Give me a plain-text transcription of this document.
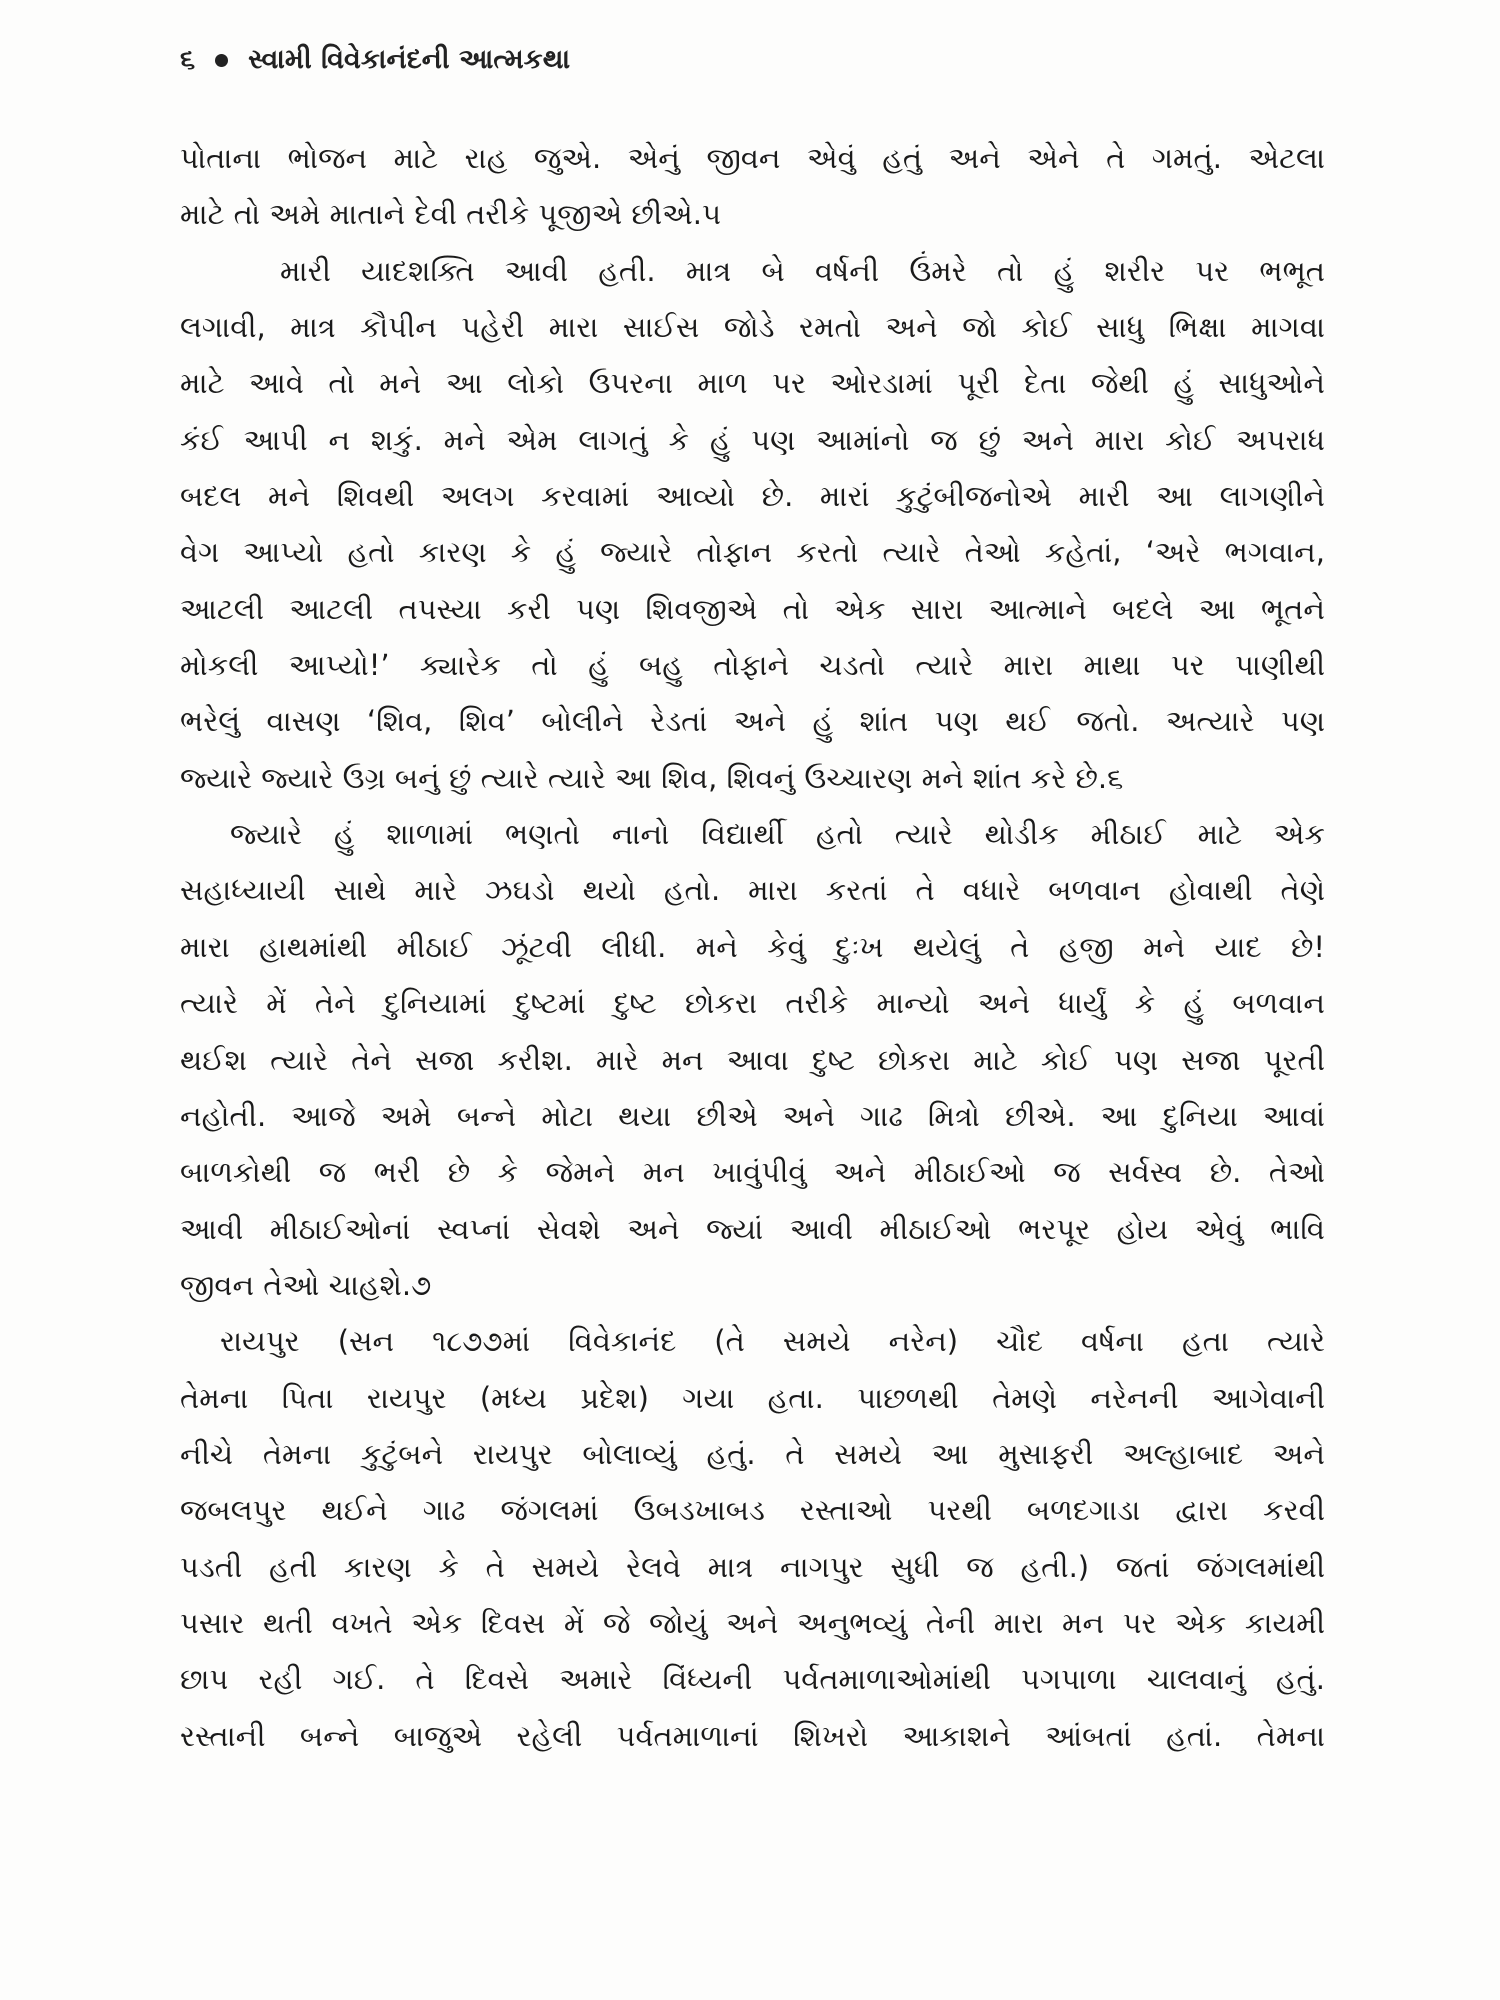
૬ સ્વામી વિવેકાનંદની આત્મકથા
પોતાના ભોજન માટે રાહ જુએ. એનું જીવન એવું હતું અને એને તે ગમતું. એટલા
માટે તો અમે માતાને દેવી તરીકે પૂજીએ છીએ.૫
મારી યાદશક્તિ આવી હતી. માત્ર બે વર્ષની ઉંમરે તો હું શરીર પર ભભૂત
લગાવી, માત્ર કૌપીન પહેરી મારા સાઈસ જોડે રમતો અને જો કોઈ સાધુ ભિક્ષા માગવા
માટે આવે તો મને આ લોકો ઉપરના માળ પર ઓરડામાં પૂરી દેતા જેથી હું સાધુઓને
કંઈ આપી ન શકું. મને એમ લાગતું કે હું પણ આમાંનો જ છું અને મારા કોઈ અપરાધ
બદલ મને શિવથી અલગ કરવામાં આવ્યો છે. મારાં કુટુંબીજનોએ મારી આ લાગણીને
વેગ આપ્યો હતો કારણ કે હું જ્યારે તોફાન કરતો ત્યારે તેઓ કહેતાં, ‘અરે ભગવાન,
આટલી આટલી તપસ્યા કરી પણ શિવજીએ તો એક સારા આત્માને બદલે આ ભૂતને
મોકલી આપ્યો!’ ક્યારેક તો હું બહુ તોફાને ચડતો ત્યારે મારા માથા પર પાણીથી
ભરેલું વાસણ ‘શિવ, શિવ’ બોલીને રેડતાં અને હું શાંત પણ થઈ જતો. અત્યારે પણ
જ્યારે જ્યારે ઉગ્ર બનું છું ત્યારે ત્યારે આ શિવ, શિવનું ઉચ્ચારણ મને શાંત કરે છે.૬
જ્યારે હું શાળામાં ભણતો નાનો વિદ્યાર્થી હતો ત્યારે થોડીક મીઠાઈ માટે એક
સહાધ્યાયી સાથે મારે ઝઘડો થયો હતો. મારા કરતાં તે વધારે બળવાન હોવાથી તેણે
મારા હાથમાંથી મીઠાઈ ઝૂંટવી લીધી. મને કેવું દુઃખ થયેલું તે હજી મને યાદ છે!
ત્યારે મેં તેને દુનિયામાં દુષ્ટમાં દુષ્ટ છોકરા તરીકે માન્યો અને ધાર્યું કે હું બળવાન
થઈશ ત્યારે તેને સજા કરીશ. મારે મન આવા દુષ્ટ છોકરા માટે કોઈ પણ સજા પૂરતી
નહોતી. આજે અમે બન્ને મોટા થયા છીએ અને ગાઢ મિત્રો છીએ. આ દુનિયા આવાં
બાળકોથી જ ભરી છે કે જેમને મન ખાવુંપીવું અને મીઠાઈઓ જ સર્વસ્વ છે. તેઓ
આવી મીઠાઈઓનાં સ્વપ્નાં સેવશે અને જ્યાં આવી મીઠાઈઓ ભરપૂર હોય એવું ભાવિ
જીવન તેઓ ચાહશે.૭
રાયપુર (સન ૧૮૭૭માં વિવેકાનંદ (તે સમયે નરેન) ચૌદ વર્ષના હતા ત્યારે
તેમના પિતા રાયપુર (મધ્ય પ્રદેશ) ગયા હતા. પાછળથી તેમણે નરેનની આગેવાની
નીચે તેમના કુટુંબને રાયપુર બોલાવ્યું હતું. તે સમયે આ મુસાફરી અલ્હાબાદ અને
જબલપુર થઈને ગાઢ જંગલમાં ઉબડખાબડ રસ્તાઓ પરથી બળદગાડા દ્વારા કરવી
પડતી હતી કારણ કે તે સમયે રેલવે માત્ર નાગપુર સુધી જ હતી.) જતાં જંગલમાંથી
પસાર થતી વખતે એક દિવસ મેં જે જોયું અને અનુભવ્યું તેની મારા મન પર એક કાયમી
છાપ રહી ગઈ. તે દિવસે અમારે વિંધ્યની પર્વતમાળાઓમાંથી પગપાળા ચાલવાનું હતું.
રસ્તાની બન્ને બાજુએ રહેલી પર્વતમાળાનાં શિખરો આકાશને આંબતાં હતાં. તેમના
